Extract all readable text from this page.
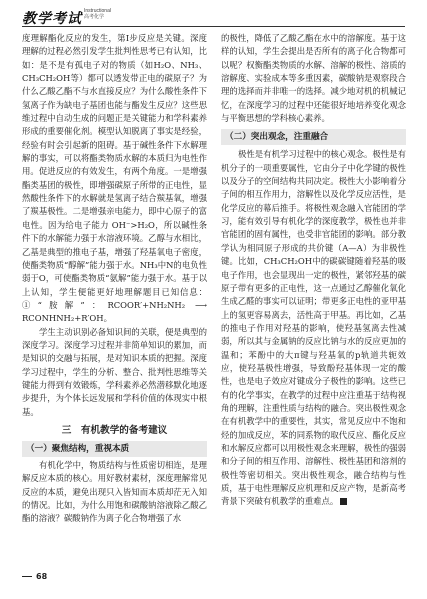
教学考试 Instructional
高考化学

度理解酯化反应的发生，第Ⅰ步反应是关键。深度理解的过程必然引发学生批判性思考已有认知，比如：是不是有孤电子对的物质（如H₂O、NH₃、CH₃CH₂OH等）都可以透发带正电的碳原子？为什么乙酸乙酯不与水直接反应？为什么酸性条件下氢离子作为缺电子基团也能与酯发生反应？这些思维过程中自动生成的问题正是关键能力和学科素养形成的重要催化剂。模型认知脱离了事实是经验，经验有时会引起新的阻碍。基于碱性条件下水解理解的事实，可以将酯类物质水解的本质归为电性作用。促进反应的有效发生，有两个角度。一是增强酯类基团的极性，即增强碳原子所带的正电性，显然酸性条件下的水解就是氢离子结合羰基氧，增强了羰基极性。二是增强亲电能力，即中心原子的富电性。因为给电子能力 OH⁻>H₂O，所以碱性条件下的水解能力强于水溶液环境。乙醇与水相比，乙基是典型的推电子基，增强了羟基氧电子密度，使酯类物质“醇解”能力强于水。NH₃中N的电负性弱于O，可使酯类物质“氨解”能力强于水。基于以上认知，学生便能更好地理解题目已知信息：①“胺解”：RCOOR′+NH₂NH₂ ⟶ RCONHNH₂+R′OH。

学生主动识别必备知识间的关联，便是典型的深度学习。深度学习过程并非简单知识的累加，而是知识的交融与拓展，是对知识本质的把握。深度学习过程中，学生的分析、整合、批判性思维等关键能力得到有效锻炼，学科素养必然潜移默化地逐步提升，为个体长远发展和学科价值的体现实中根基。

三　有机教学的备考建议
（一）聚焦结构，重视本质

有机化学中，物质结构与性质密切相连，是理解反应本质的核心。用好教材素材，深度理解常见反应的本质，避免出现只入皆知而本质却茫无入知的情况。比如，为什么用饱和碳酸钠溶液除乙酸乙酯的溶液？碳酸钠作为离子化合物增强了水

的极性，降低了乙酸乙酯在水中的溶解度。基于这样的认知，学生会提出是否所有的离子化合物都可以呢？权衡酯类物质的水解、溶解的极性、溶质的溶解度、实验成本等多重因素，碳酸钠是观察段合理的选择而并非唯一的选择。减少地对机的机械记忆，在深度学习的过程中还能很好地培养变化观念与平衡思想的学科核心素养。

（二）突出观念，注重融合

极性是有机学习过程中的核心观念。极性是有机分子的一项重要属性，它由分子中化学键的极性以及分子的空间结构共同决定。极性大小影响着分子间的相互作用力，溶解性以及化学反应活性，是化学反应的幕后推手。将极性观念融入官能团的学习，能有效引导有机化学的深度教学，极性也并非官能团的固有属性，也受非官能团的影响。部分教学认为相同原子形成的共价键（A—A）为非极性键。比如，CH₃CH₂OH中的碳碳键随着羟基的吸电子作用，也会显现出一定的极性，紧邻羟基的碳原子带有更多的正电性，这一点通过乙醇催化氧化生成乙醛的事实可以证明；带更多正电性的亚甲基上的氢更容易离去，活性高于甲基。再比如，乙基的推电子作用对羟基的影响，使羟基氢离去性减弱，所以其与金属钠的反应比钠与水的反应更加的温和；苯酚中的大π键与羟基氧的p轨道共轭效应，使羟基极性增强，导致酚羟基体现一定的酸性，也是电子效应对键成分子极性的影响。这些已有的化学事实，在教学的过程中应注重基于结构视角的理解，注重性质与结构的融合。突出极性观念在有机教学中的重要性，其实，常见反应中不饱和烃的加成反应，苯的同系物的取代反应、酯化反应和水解反应都可以用极性观念来理解，极性的强弱和分子间的相互作用、溶解性、极性基团和溶剂的极性等密切相关。突出极性观念，融合结构与性质，基于电性理解反应机理和反应产物，是新高考背景下突破有机教学的重难点。	■

68
